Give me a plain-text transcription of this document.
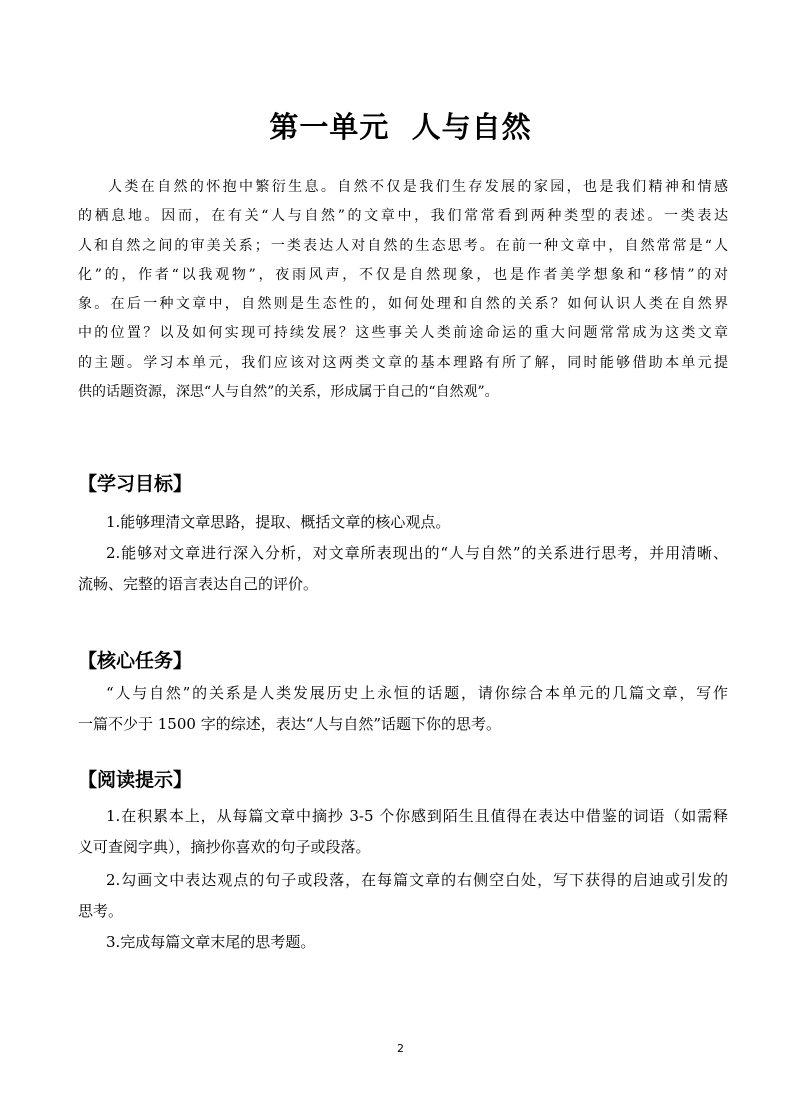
第一单元  人与自然
人类在自然的怀抱中繁衍生息。自然不仅是我们生存发展的家园，也是我们精神和情感
的栖息地。因而，在有关“人与自然”的文章中，我们常常看到两种类型的表述。一类表达
人和自然之间的审美关系；一类表达人对自然的生态思考。在前一种文章中，自然常常是“人
化”的，作者“以我观物”，夜雨风声，不仅是自然现象，也是作者美学想象和“移情”的对
象。在后一种文章中，自然则是生态性的，如何处理和自然的关系？如何认识人类在自然界
中的位置？以及如何实现可持续发展？这些事关人类前途命运的重大问题常常成为这类文章
的主题。学习本单元，我们应该对这两类文章的基本理路有所了解，同时能够借助本单元提
供的话题资源，深思“人与自然”的关系，形成属于自己的“自然观”。
【学习目标】
1.能够理清文章思路，提取、概括文章的核心观点。
2.能够对文章进行深入分析，对文章所表现出的“人与自然”的关系进行思考，并用清晰、
流畅、完整的语言表达自己的评价。
【核心任务】
“人与自然”的关系是人类发展历史上永恒的话题，请你综合本单元的几篇文章，写作
一篇不少于 1500 字的综述，表达“人与自然”话题下你的思考。
【阅读提示】
1.在积累本上，从每篇文章中摘抄 3-5 个你感到陌生且值得在表达中借鉴的词语（如需释
义可查阅字典），摘抄你喜欢的句子或段落。
2.勾画文中表达观点的句子或段落，在每篇文章的右侧空白处，写下获得的启迪或引发的
思考。
3.完成每篇文章末尾的思考题。
2
